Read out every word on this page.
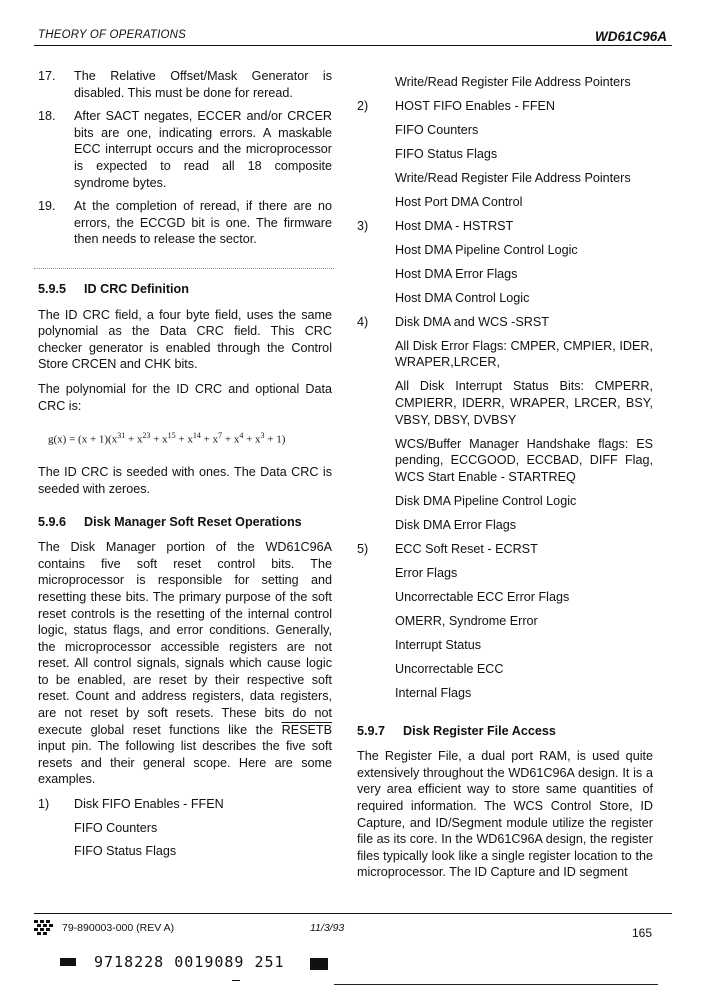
THEORY OF OPERATIONS	WD61C96A
17.	The Relative Offset/Mask Generator is disabled. This must be done for reread.
18.	After SACT negates, ECCER and/or CRCER bits are one, indicating errors. A maskable ECC interrupt occurs and the microprocessor is expected to read all 18 composite syndrome bytes.
19.	At the completion of reread, if there are no errors, the ECCGD bit is one. The firmware then needs to release the sector.
5.9.5	ID CRC Definition

The ID CRC field, a four byte field, uses the same polynomial as the Data CRC field. This CRC checker generator is enabled through the Control Store CRCEN and CHK bits.

The polynomial for the ID CRC and optional Data CRC is:

$g(x) = (x + 1)(x^{31} + x^{23} + x^{15} + x^{14} + x^7 + x^4 + x^3 + 1)$

The ID CRC is seeded with ones. The Data CRC is seeded with zeroes.

5.9.6	Disk Manager Soft Reset Operations

The Disk Manager portion of the WD61C96A contains five soft reset control bits. The microprocessor is responsible for setting and resetting these bits. The primary purpose of the soft reset controls is the resetting of the internal control logic, status flags, and error conditions. Generally, the microprocessor accessible registers are not reset. All control signals, signals which cause logic to be enabled, are reset by their respective soft reset. Count and address registers, data registers, are not reset by soft resets. These bits do not execute global reset functions like the RESETB input pin. The following list describes the five soft resets and their general scope. Here are some examples.

1)	Disk FIFO Enables - FFEN
FIFO Counters
FIFO Status Flags
Write/Read Register File Address Pointers
2)	HOST FIFO Enables - FFEN
FIFO Counters
FIFO Status Flags
Write/Read Register File Address Pointers
Host Port DMA Control
3)	Host DMA - HSTRST
Host DMA Pipeline Control Logic
Host DMA Error Flags
Host DMA Control Logic
4)	Disk DMA and WCS -SRST
All Disk Error Flags: CMPER, CMPIER, IDER, WRAPER,LRCER,
All Disk Interrupt Status Bits: CMPERR, CMPIERR, IDERR, WRAPER, LRCER, BSY, VBSY, DBSY, DVBSY
WCS/Buffer Manager Handshake flags: ES pending, ECCGOOD, ECCBAD, DIFF Flag, WCS Start Enable - STARTREQ
Disk DMA Pipeline Control Logic
Disk DMA Error Flags
5)	ECC Soft Reset - ECRST
Error Flags
Uncorrectable ECC Error Flags
OMERR, Syndrome Error
Interrupt Status
Uncorrectable ECC
Internal Flags
5.9.7	Disk Register File Access

The Register File, a dual port RAM, is used quite extensively throughout the WD61C96A design. It is a very area efficient way to store same quantities of required information. The WCS Control Store, ID Capture, and ID/Segment module utilize the register file as its core. In the WD61C96A design, the register files typically look like a single register location to the microprocessor. The ID Capture and ID segment

79-890003-000 (REV A)	11/3/93	165
9718228 0019089 251
